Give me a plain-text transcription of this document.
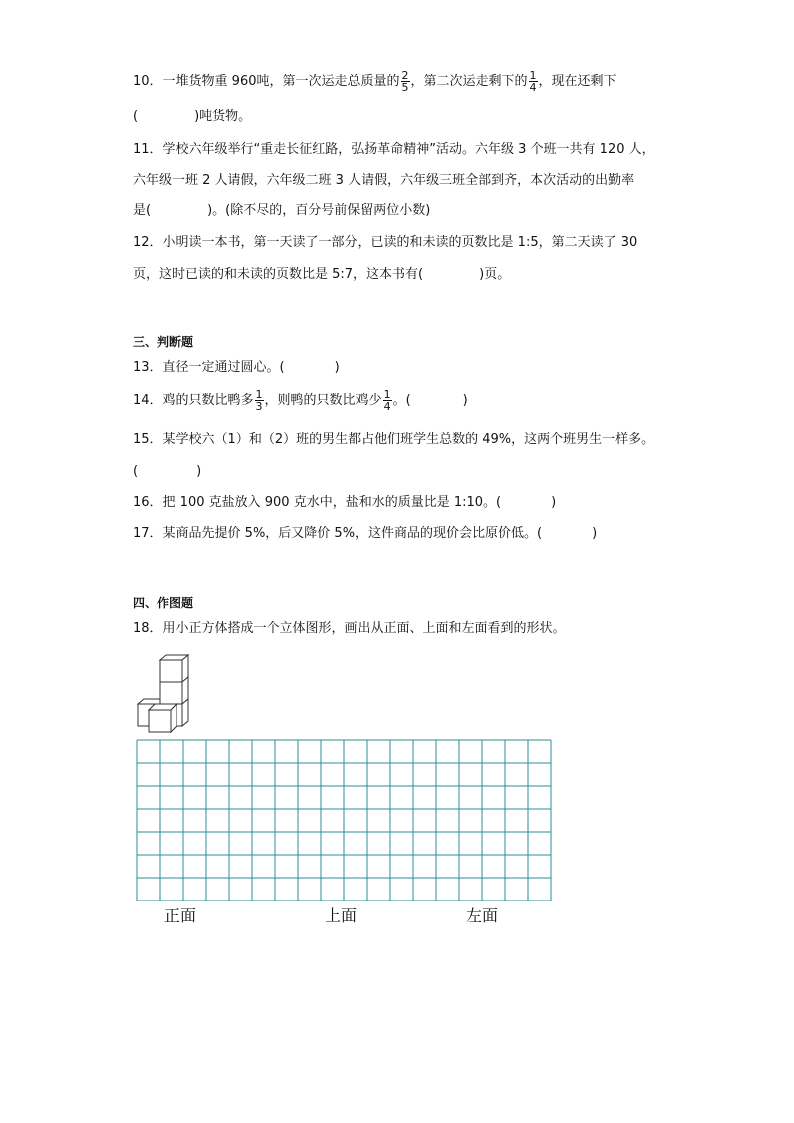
10．一堆货物重 960吨，第一次运走总质量的 $\frac{2}{5}$ ，第二次运走剩下的 $\frac{1}{4}$ ，现在还剩下
(	)吨货物。
11．学校六年级举行“重走长征红路，弘扬革命精神”活动。六年级 3 个班一共有 120 人，
六年级一班 2 人请假，六年级二班 3 人请假，六年级三班全部到齐，本次活动的出勤率
是(	)。(除不尽的，百分号前保留两位小数)
12．小明读一本书，第一天读了一部分，已读的和未读的页数比是 1:5，第二天读了 30
页，这时已读的和未读的页数比是 5:7，这本书有(	)页。
三、判断题
13．直径一定通过圆心。(	)
14．鸡的只数比鸭多 $\frac{1}{3}$ ，则鸭的只数比鸡少 $\frac{1}{4}$ 。(	)
15．某学校六（1）和（2）班的男生都占他们班学生总数的 49%，这两个班男生一样多。
(	)
16．把 100 克盐放入 900 克水中，盐和水的质量比是 1:10。(	)
17．某商品先提价 5%，后又降价 5%，这件商品的现价会比原价低。(	)
四、作图题
18．用小正方体搭成一个立体图形，画出从正面、上面和左面看到的形状。
正面	上面	左面
